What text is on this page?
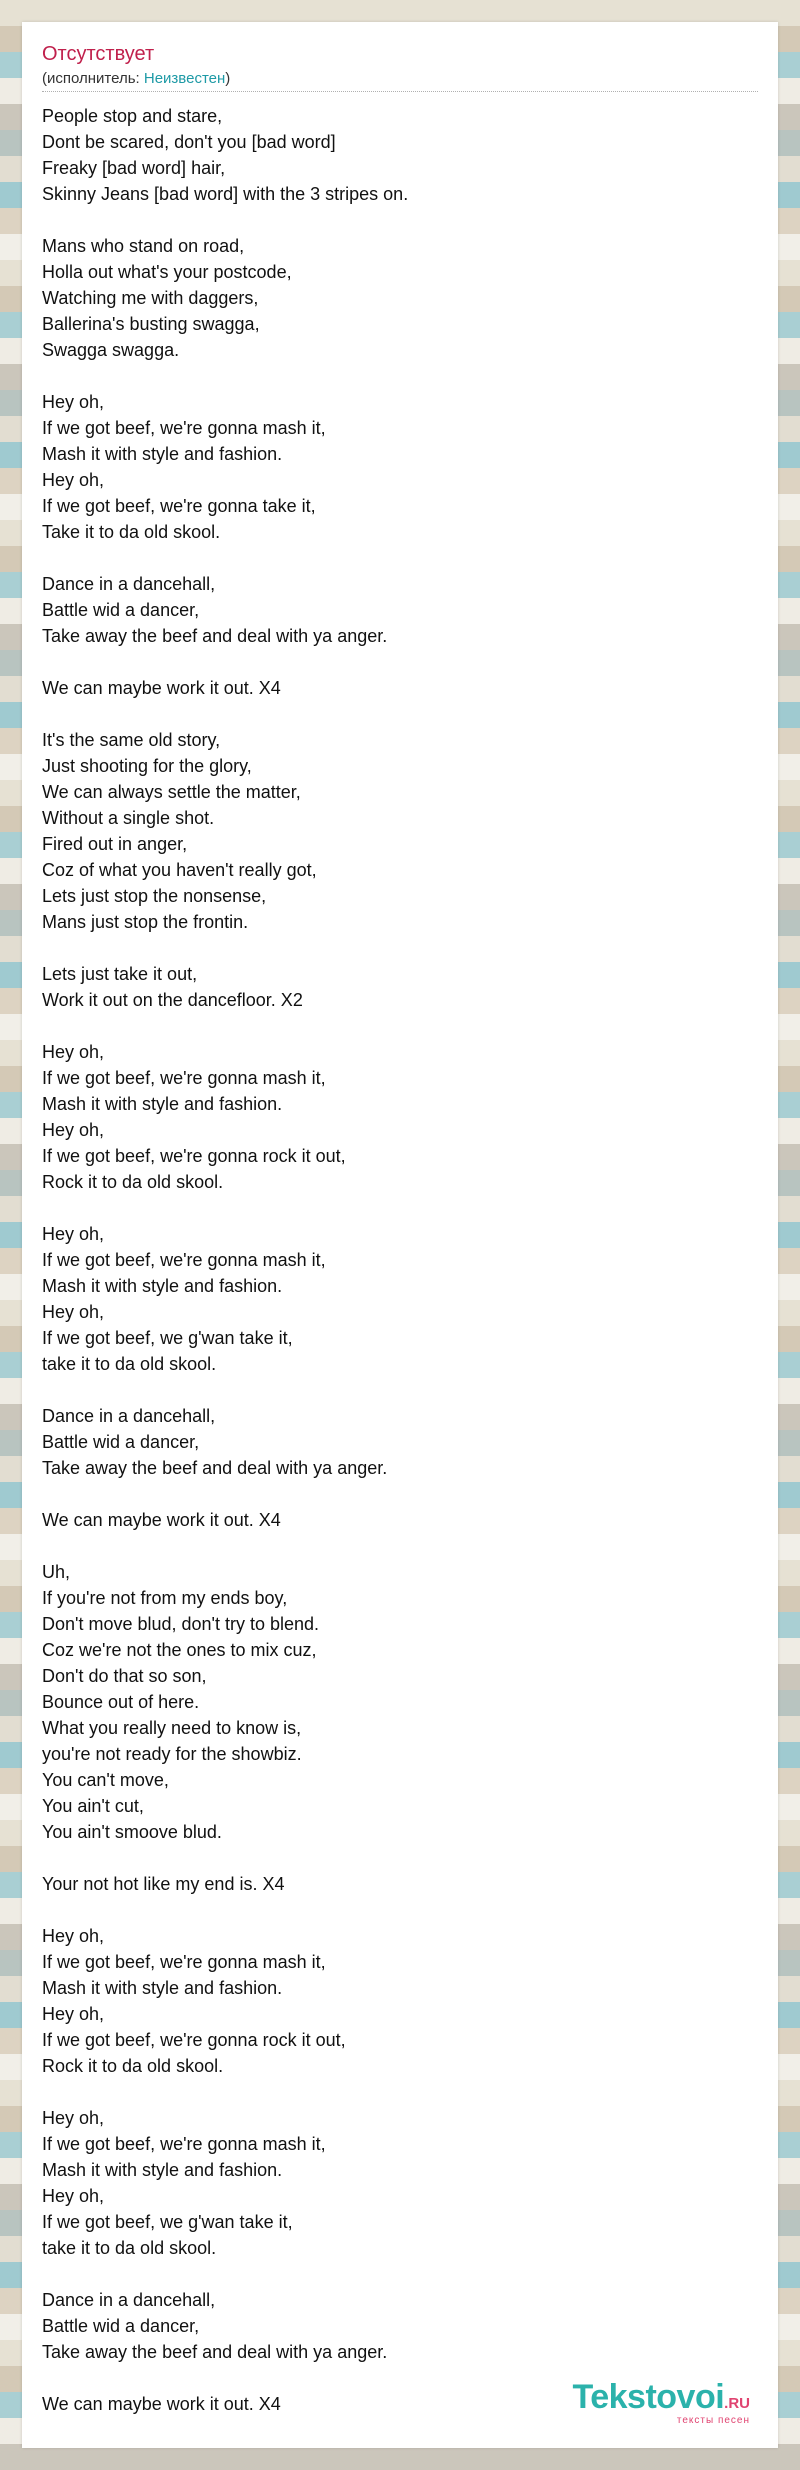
Отсутствует
(исполнитель: Неизвестен)
People stop and stare,
Dont be scared, don't you [bad word]
Freaky [bad word] hair,
Skinny Jeans [bad word] with the 3 stripes on.

Mans who stand on road,
Holla out what's your postcode,
Watching me with daggers,
Ballerina's busting swagga,
Swagga swagga.

Hey oh,
If we got beef, we're gonna mash it,
Mash it with style and fashion.
Hey oh,
If we got beef, we're gonna take it,
Take it to da old skool.

Dance in a dancehall,
Battle wid a dancer,
Take away the beef and deal with ya anger.

We can maybe work it out. X4

It's the same old story,
Just shooting for the glory,
We can always settle the matter,
Without a single shot.
Fired out in anger,
Coz of what you haven't really got,
Lets just stop the nonsense,
Mans just stop the frontin.

Lets just take it out,
Work it out on the dancefloor. X2

Hey oh,
If we got beef, we're gonna mash it,
Mash it with style and fashion.
Hey oh,
If we got beef, we're gonna rock it out,
Rock it to da old skool.

Hey oh,
If we got beef, we're gonna mash it,
Mash it with style and fashion.
Hey oh,
If we got beef, we g'wan take it,
take it to da old skool.

Dance in a dancehall,
Battle wid a dancer,
Take away the beef and deal with ya anger.

We can maybe work it out. X4

Uh,
If you're not from my ends boy,
Don't move blud, don't try to blend.
Coz we're not the ones to mix cuz,
Don't do that so son,
Bounce out of here.
What you really need to know is,
you're not ready for the showbiz.
You can't move,
You ain't cut,
You ain't smoove blud.

Your not hot like my end is. X4

Hey oh,
If we got beef, we're gonna mash it,
Mash it with style and fashion.
Hey oh,
If we got beef, we're gonna rock it out,
Rock it to da old skool.

Hey oh,
If we got beef, we're gonna mash it,
Mash it with style and fashion.
Hey oh,
If we got beef, we g'wan take it,
take it to da old skool.

Dance in a dancehall,
Battle wid a dancer,
Take away the beef and deal with ya anger.

We can maybe work it out. X4	Tekstovoi.RU
тексты песен
